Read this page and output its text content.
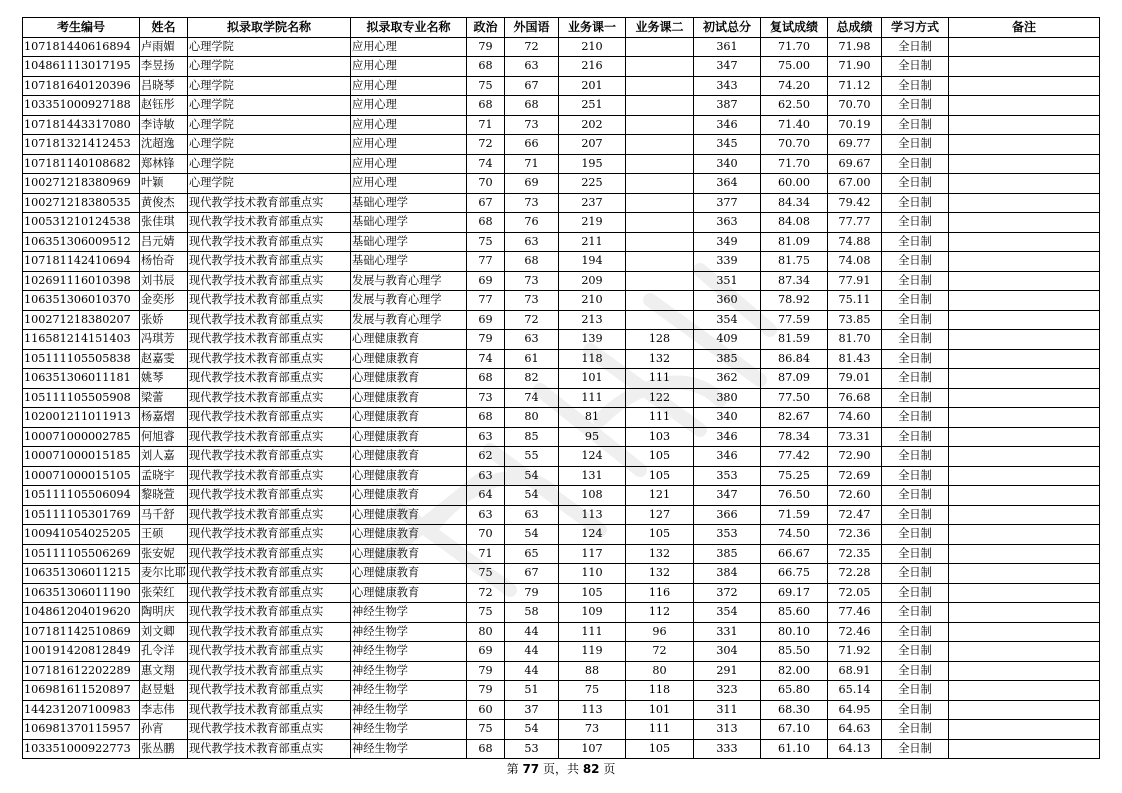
考生编号	姓名	拟录取学院名称	拟录取专业名称	政治	外国语	业务课一	业务课二	初试总分	复试成绩	总成绩	学习方式	备注
107181440616894	卢雨媚	心理学院	应用心理	79	72	210		361	71.70	71.98	全日制	
104861113017195	李昱扬	心理学院	应用心理	68	63	216		347	75.00	71.90	全日制	
107181640120396	吕晓琴	心理学院	应用心理	75	67	201		343	74.20	71.12	全日制	
103351000927188	赵钰彤	心理学院	应用心理	68	68	251		387	62.50	70.70	全日制	
107181443317080	李诗敏	心理学院	应用心理	71	73	202		346	71.40	70.19	全日制	
107181321412453	沈超逸	心理学院	应用心理	72	66	207		345	70.70	69.77	全日制	
107181140108682	郑林锋	心理学院	应用心理	74	71	195		340	71.70	69.67	全日制	
100271218380969	叶颖	心理学院	应用心理	70	69	225		364	60.00	67.00	全日制	
100271218380535	黄俊杰	现代教学技术教育部重点实	基础心理学	67	73	237		377	84.34	79.42	全日制	
100531210124538	张佳琪	现代教学技术教育部重点实	基础心理学	68	76	219		363	84.08	77.77	全日制	
106351306009512	吕元婧	现代教学技术教育部重点实	基础心理学	75	63	211		349	81.09	74.88	全日制	
107181142410694	杨怡奇	现代教学技术教育部重点实	基础心理学	77	68	194		339	81.75	74.08	全日制	
102691116010398	刘书辰	现代教学技术教育部重点实	发展与教育心理学	69	73	209		351	87.34	77.91	全日制	
106351306010370	金奕彤	现代教学技术教育部重点实	发展与教育心理学	77	73	210		360	78.92	75.11	全日制	
100271218380207	张娇	现代教学技术教育部重点实	发展与教育心理学	69	72	213		354	77.59	73.85	全日制	
116581214151403	冯琪芳	现代教学技术教育部重点实	心理健康教育	79	63	139	128	409	81.59	81.70	全日制	
105111105505838	赵嘉雯	现代教学技术教育部重点实	心理健康教育	74	61	118	132	385	86.84	81.43	全日制	
106351306011181	姚琴	现代教学技术教育部重点实	心理健康教育	68	82	101	111	362	87.09	79.01	全日制	
105111105505908	梁蕾	现代教学技术教育部重点实	心理健康教育	73	74	111	122	380	77.50	76.68	全日制	
102001211011913	杨嘉熠	现代教学技术教育部重点实	心理健康教育	68	80	81	111	340	82.67	74.60	全日制	
100071000002785	何旭睿	现代教学技术教育部重点实	心理健康教育	63	85	95	103	346	78.34	73.31	全日制	
100071000015185	刘人嘉	现代教学技术教育部重点实	心理健康教育	62	55	124	105	346	77.42	72.90	全日制	
100071000015105	孟晓宇	现代教学技术教育部重点实	心理健康教育	63	54	131	105	353	75.25	72.69	全日制	
105111105506094	黎晓萱	现代教学技术教育部重点实	心理健康教育	64	54	108	121	347	76.50	72.60	全日制	
105111105301769	马千舒	现代教学技术教育部重点实	心理健康教育	63	63	113	127	366	71.59	72.47	全日制	
100941054025205	王硕	现代教学技术教育部重点实	心理健康教育	70	54	124	105	353	74.50	72.36	全日制	
105111105506269	张安妮	现代教学技术教育部重点实	心理健康教育	71	65	117	132	385	66.67	72.35	全日制	
106351306011215	麦尔比耶	现代教学技术教育部重点实	心理健康教育	75	67	110	132	384	66.75	72.28	全日制	
106351306011190	张荣红	现代教学技术教育部重点实	心理健康教育	72	79	105	116	372	69.17	72.05	全日制	
104861204019620	陶明庆	现代教学技术教育部重点实	神经生物学	75	58	109	112	354	85.60	77.46	全日制	
107181142510869	刘文卿	现代教学技术教育部重点实	神经生物学	80	44	111	96	331	80.10	72.46	全日制	
100191420812849	孔令洋	现代教学技术教育部重点实	神经生物学	69	44	119	72	304	85.50	71.92	全日制	
107181612202289	惠文翔	现代教学技术教育部重点实	神经生物学	79	44	88	80	291	82.00	68.91	全日制	
106981611520897	赵昱魁	现代教学技术教育部重点实	神经生物学	79	51	75	118	323	65.80	65.14	全日制	
144231207100983	李志伟	现代教学技术教育部重点实	神经生物学	60	37	113	101	311	68.30	64.95	全日制	
106981370115957	孙宵	现代教学技术教育部重点实	神经生物学	75	54	73	111	313	67.10	64.63	全日制	
103351000922773	张丛鹏	现代教学技术教育部重点实	神经生物学	68	53	107	105	333	61.10	64.13	全日制	
第 77 页，共 82 页
